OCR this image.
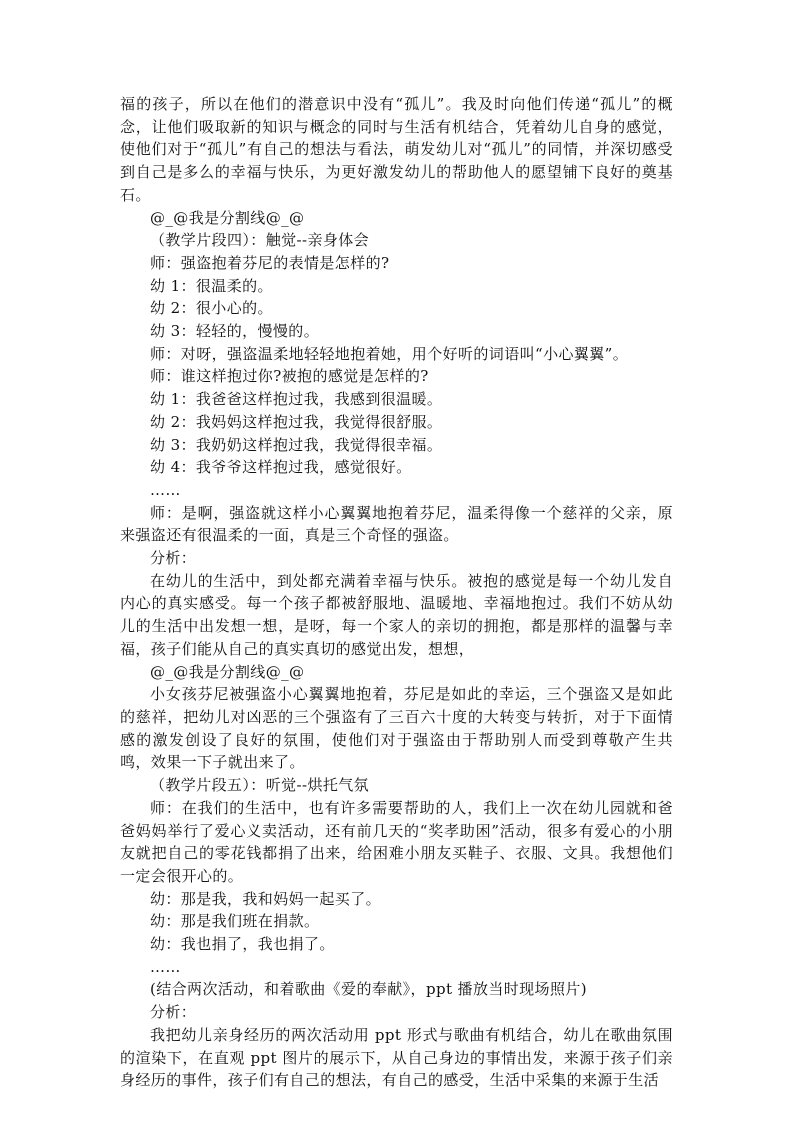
福的孩子，所以在他们的潜意识中没有“孤儿”。我及时向他们传递“孤儿”的概念，让他们吸取新的知识与概念的同时与生活有机结合，凭着幼儿自身的感觉，使他们对于“孤儿”有自己的想法与看法，萌发幼儿对“孤儿”的同情，并深切感受到自己是多么的幸福与快乐，为更好激发幼儿的帮助他人的愿望铺下良好的奠基石。

@_@我是分割线@_@

（教学片段四）：触觉--亲身体会

师：强盗抱着芬尼的表情是怎样的?

幼 1：很温柔的。

幼 2：很小心的。

幼 3：轻轻的，慢慢的。

师：对呀，强盗温柔地轻轻地抱着她，用个好听的词语叫“小心翼翼”。

师：谁这样抱过你?被抱的感觉是怎样的?

幼 1：我爸爸这样抱过我，我感到很温暖。

幼 2：我妈妈这样抱过我，我觉得很舒服。

幼 3：我奶奶这样抱过我，我觉得很幸福。

幼 4：我爷爷这样抱过我，感觉很好。

……

师：是啊，强盗就这样小心翼翼地抱着芬尼，温柔得像一个慈祥的父亲，原来强盗还有很温柔的一面，真是三个奇怪的强盗。

分析：

在幼儿的生活中，到处都充满着幸福与快乐。被抱的感觉是每一个幼儿发自内心的真实感受。每一个孩子都被舒服地、温暖地、幸福地抱过。我们不妨从幼儿的生活中出发想一想，是呀，每一个家人的亲切的拥抱，都是那样的温馨与幸福，孩子们能从自己的真实真切的感觉出发，想想，

@_@我是分割线@_@

小女孩芬尼被强盗小心翼翼地抱着，芬尼是如此的幸运，三个强盗又是如此的慈祥，把幼儿对凶恶的三个强盗有了三百六十度的大转变与转折，对于下面情感的激发创设了良好的氛围，使他们对于强盗由于帮助别人而受到尊敬产生共鸣，效果一下子就出来了。

（教学片段五）：听觉--烘托气氛

师：在我们的生活中，也有许多需要帮助的人，我们上一次在幼儿园就和爸爸妈妈举行了爱心义卖活动，还有前几天的“奖孝助困”活动，很多有爱心的小朋友就把自己的零花钱都捐了出来，给困难小朋友买鞋子、衣服、文具。我想他们一定会很开心的。

幼：那是我，我和妈妈一起买了。

幼：那是我们班在捐款。

幼：我也捐了，我也捐了。

……

(结合两次活动，和着歌曲《爱的奉献》，ppt 播放当时现场照片)

分析：

我把幼儿亲身经历的两次活动用 ppt 形式与歌曲有机结合，幼儿在歌曲氛围的渲染下，在直观 ppt 图片的展示下，从自己身边的事情出发，来源于孩子们亲身经历的事件，孩子们有自己的想法，有自己的感受，生活中采集的来源于生活
